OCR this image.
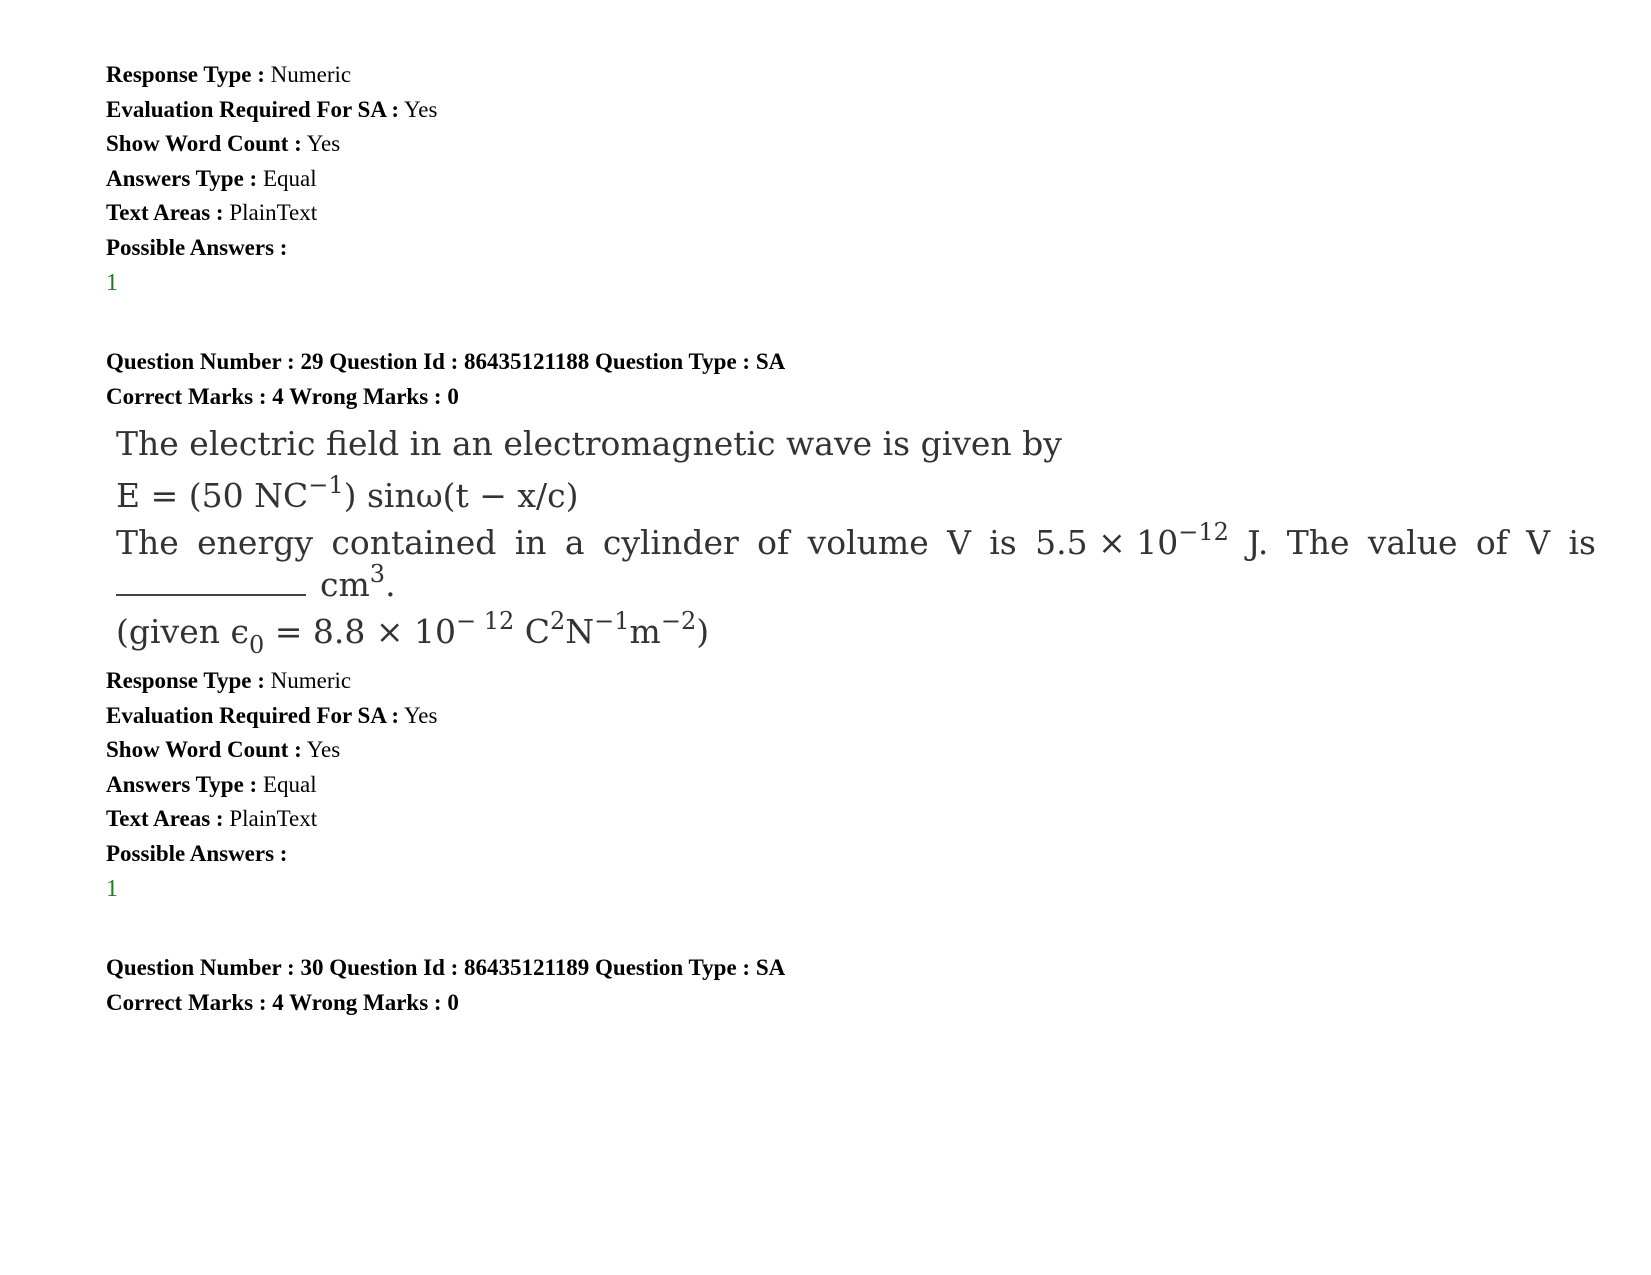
Response Type : Numeric
Evaluation Required For SA : Yes
Show Word Count : Yes
Answers Type : Equal
Text Areas : PlainText
Possible Answers :
1
Question Number : 29 Question Id : 86435121188 Question Type : SA
Correct Marks : 4 Wrong Marks : 0
The electric field in an electromagnetic wave is given by
E = (50 $NC^{-1}$) sinω(t − x/c)
The energy contained in a cylinder of volume V is $5.5 \times 10^{-12}$ J. The value of V is
$cm^3$.
(given $\epsilon_0 = 8.8 \times 10^{- 12}$ $C^2N^{-1}m^{-2}$)
Response Type : Numeric
Evaluation Required For SA : Yes
Show Word Count : Yes
Answers Type : Equal
Text Areas : PlainText
Possible Answers :
1
Question Number : 30 Question Id : 86435121189 Question Type : SA
Correct Marks : 4 Wrong Marks : 0
